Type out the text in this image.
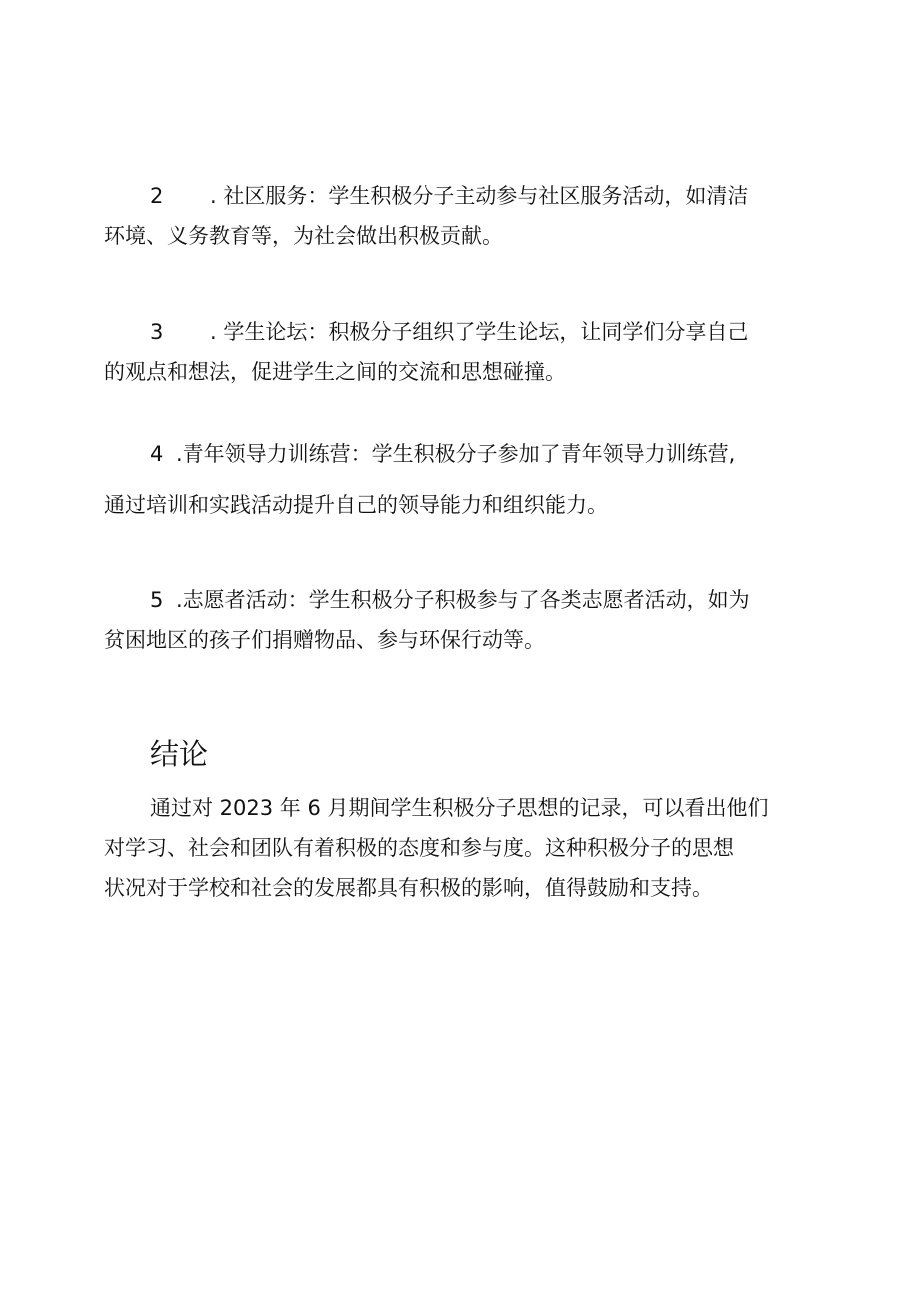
2 . 社区服务：学生积极分子主动参与社区服务活动，如清洁
环境、义务教育等，为社会做出积极贡献。

3 . 学生论坛：积极分子组织了学生论坛，让同学们分享自己
的观点和想法，促进学生之间的交流和思想碰撞。

4 .青年领导力训练营：学生积极分子参加了青年领导力训练营,
通过培训和实践活动提升自己的领导能力和组织能力。

5 .志愿者活动：学生积极分子积极参与了各类志愿者活动，如为
贫困地区的孩子们捐赠物品、参与环保行动等。

结论

通过对 2023 年 6 月期间学生积极分子思想的记录，可以看出他们
对学习、社会和团队有着积极的态度和参与度。这种积极分子的思想
状况对于学校和社会的发展都具有积极的影响，值得鼓励和支持。
